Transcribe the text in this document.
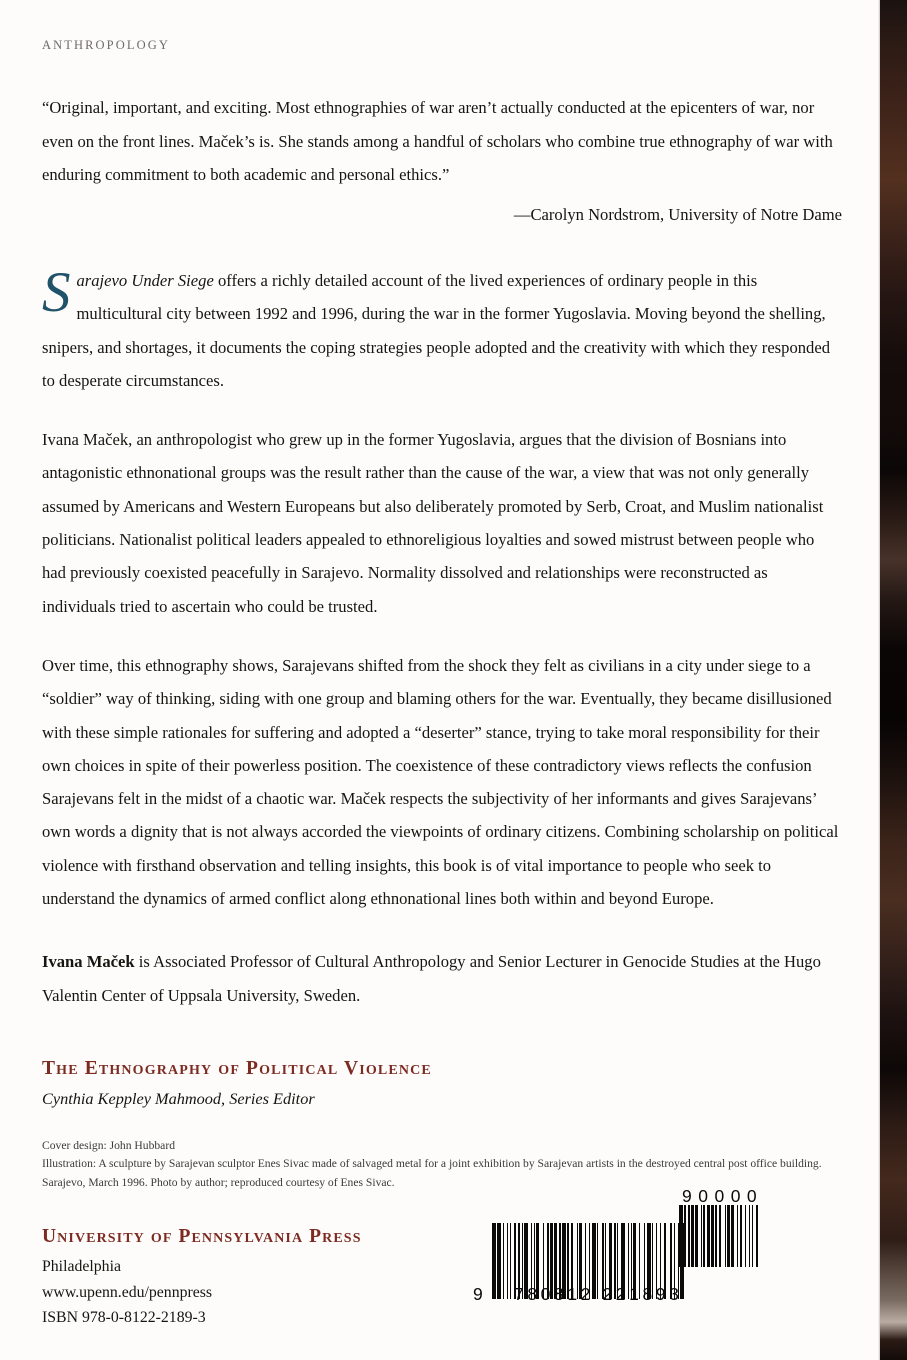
ANTHROPOLOGY
“Original, important, and exciting. Most ethnographies of war aren’t actually conducted at the epicenters of war, nor even on the front lines. Maček’s is. She stands among a handful of scholars who combine true ethnography of war with enduring commitment to both academic and personal ethics.”
—Carolyn Nordstrom, University of Notre Dame
Sarajevo Under Siege offers a richly detailed account of the lived experiences of ordinary people in this multicultural city between 1992 and 1996, during the war in the former Yugoslavia. Moving beyond the shelling, snipers, and shortages, it documents the coping strategies people adopted and the creativity with which they responded to desperate circumstances.
Ivana Maček, an anthropologist who grew up in the former Yugoslavia, argues that the division of Bosnians into antagonistic ethnonational groups was the result rather than the cause of the war, a view that was not only generally assumed by Americans and Western Europeans but also deliberately promoted by Serb, Croat, and Muslim nationalist politicians. Nationalist political leaders appealed to ethnoreligious loyalties and sowed mistrust between people who had previously coexisted peacefully in Sarajevo. Normality dissolved and relationships were reconstructed as individuals tried to ascertain who could be trusted.
Over time, this ethnography shows, Sarajevans shifted from the shock they felt as civilians in a city under siege to a “soldier” way of thinking, siding with one group and blaming others for the war. Eventually, they became disillusioned with these simple rationales for suffering and adopted a “deserter” stance, trying to take moral responsibility for their own choices in spite of their powerless position. The coexistence of these contradictory views reflects the confusion Sarajevans felt in the midst of a chaotic war. Maček respects the subjectivity of her informants and gives Sarajevans’ own words a dignity that is not always accorded the viewpoints of ordinary citizens. Combining scholarship on political violence with firsthand observation and telling insights, this book is of vital importance to people who seek to understand the dynamics of armed conflict along ethnonational lines both within and beyond Europe.
Ivana Maček is Associated Professor of Cultural Anthropology and Senior Lecturer in Genocide Studies at the Hugo Valentin Center of Uppsala University, Sweden.
The Ethnography of Political Violence
Cynthia Keppley Mahmood, Series Editor
Cover design: John Hubbard
Illustration: A sculpture by Sarajevan sculptor Enes Sivac made of salvaged metal for a joint exhibition by Sarajevan artists in the destroyed central post office building. Sarajevo, March 1996. Photo by author; reproduced courtesy of Enes Sivac.
University of Pennsylvania Press
Philadelphia
www.upenn.edu/pennpress
ISBN 978-0-8122-2189-3
9 780812 221893
90000
